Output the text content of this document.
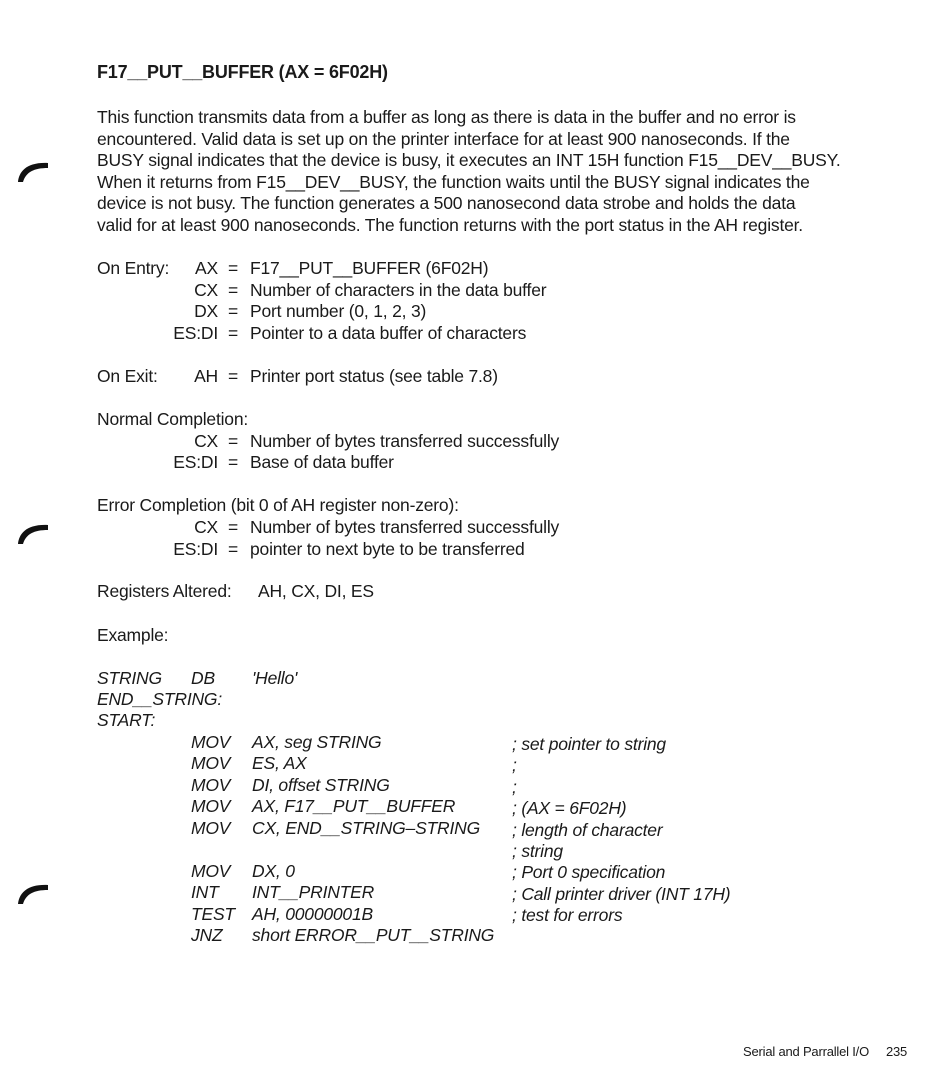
F17__PUT__BUFFER (AX = 6F02H)
This function transmits data from a buffer as long as there is data in the buffer and no error is
encountered. Valid data is set up on the printer interface for at least 900 nanoseconds. If the
BUSY signal indicates that the device is busy, it executes an INT 15H function F15__DEV__BUSY.
When it returns from F15__DEV__BUSY, the function waits until the BUSY signal indicates the
device is not busy. The function generates a 500 nanosecond data strobe and holds the data
valid for at least 900 nanoseconds. The function returns with the port status in the AH register.
On Entry:	AX = F17__PUT__BUFFER (6F02H)
CX = Number of characters in the data buffer
DX = Port number (0, 1, 2, 3)
ES:DI = Pointer to a data buffer of characters
On Exit:	AH = Printer port status (see table 7.8)
Normal Completion:
CX = Number of bytes transferred successfully
ES:DI = Base of data buffer
Error Completion (bit 0 of AH register non-zero):
CX = Number of bytes transferred successfully
ES:DI = pointer to next byte to be transferred
Registers Altered: AH, CX, DI, ES
Example:
STRING DB 'Hello'
END__STRING:
START:
MOV AX, seg STRING	; set pointer to string
MOV ES, AX	;
MOV DI, offset STRING	;
MOV AX, F17__PUT__BUFFER	; (AX = 6F02H)
MOV CX, END__STRING–STRING ; length of character
; string
MOV DX, 0	; Port 0 specification
INT INT__PRINTER	; Call printer driver (INT 17H)
TEST AH, 00000001B	; test for errors
JNZ short ERROR__PUT__STRING
Serial and Parrallel I/O 235
